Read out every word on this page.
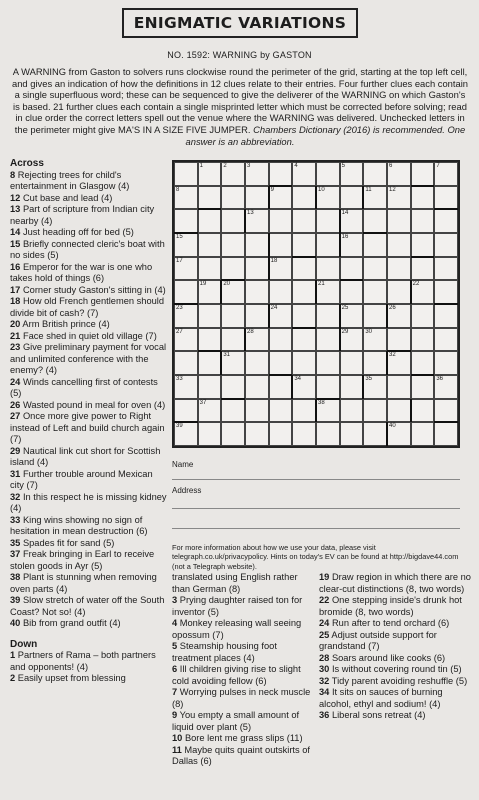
ENIGMATIC VARIATIONS
NO. 1592: WARNING by GASTON
A WARNING from Gaston to solvers runs clockwise round the perimeter of the grid, starting at the top left cell, and gives an indication of how the definitions in 12 clues relate to their entries. Four further clues each contain a single superfluous word; these can be sequenced to give the deliverer of the WARNING on which Gaston's is based. 21 further clues each contain a single misprinted letter which must be corrected before solving; read in clue order the correct letters spell out the venue where the WARNING was delivered. Unchecked letters in the perimeter might give MA'S IN A SIZE FIVE JUMPER. Chambers Dictionary (2016) is recommended. One answer is an abbreviation.
Across
8 Rejecting trees for child's entertainment in Glasgow (4)
12 Cut base and lead (4)
13 Part of scripture from Indian city nearby (4)
14 Just heading off for bed (5)
15 Briefly connected cleric's boat with no sides (5)
16 Emperor for the war is one who takes hold of things (6)
17 Corner study Gaston's sitting in (4)
18 How old French gentlemen should divide bit of cash? (7)
20 Arm British prince (4)
21 Face shed in quiet old village (7)
23 Give preliminary payment for vocal and unlimited conference with the enemy? (4)
24 Winds cancelling first of contests (5)
26 Wasted pound in meal for oven (4)
27 Once more give power to Right instead of Left and build church again (7)
29 Nautical link cut short for Scottish island (4)
31 Further trouble around Mexican city (7)
32 In this respect he is missing kidney (4)
33 King wins showing no sign of hesitation in mean destruction (6)
35 Spades fit for sand (5)
37 Freak bringing in Earl to receive stolen goods in Ayr (5)
38 Plant is stunning when removing oven parts (4)
39 Slow stretch of water off the South Coast? Not so! (4)
40 Bib from grand outfit (4)
Down
1 Partners of Rama – both partners and opponents! (4)
2 Easily upset from blessing
1	2	3	4	5	6	7
8	9	10	11	12
13	14
15	16
17	18
19	20	21	22
23	24	25	26
27	28	29	30
31	32
33	34	35	36
37	38
39	40
Name
Address
For more information about how we use your data, please visit telegraph.co.uk/privacypolicy. Hints on today's EV can be found at http://bigdave44.com (not a Telegraph website).
translated using English rather than German (8)
3 Prying daughter raised ton for inventor (5)
4 Monkey releasing wall seeing opossum (7)
5 Steamship housing foot treatment places (4)
6 Ill children giving rise to slight cold avoiding fellow (6)
7 Worrying pulses in neck muscle (8)
9 You empty a small amount of liquid over plant (5)
10 Bore lent me grass slips (11)
11 Maybe quits quaint outskirts of Dallas (6)
19 Draw region in which there are no clear-cut distinctions (8, two words)
22 One stepping inside's drunk hot bromide (8, two words)
24 Run after to tend orchard (6)
25 Adjust outside support for grandstand (7)
28 Soars around like cooks (6)
30 Is without covering round tin (5)
32 Tidy parent avoiding reshuffle (5)
34 It sits on sauces of burning alcohol, ethyl and sodium! (4)
36 Liberal sons retreat (4)
